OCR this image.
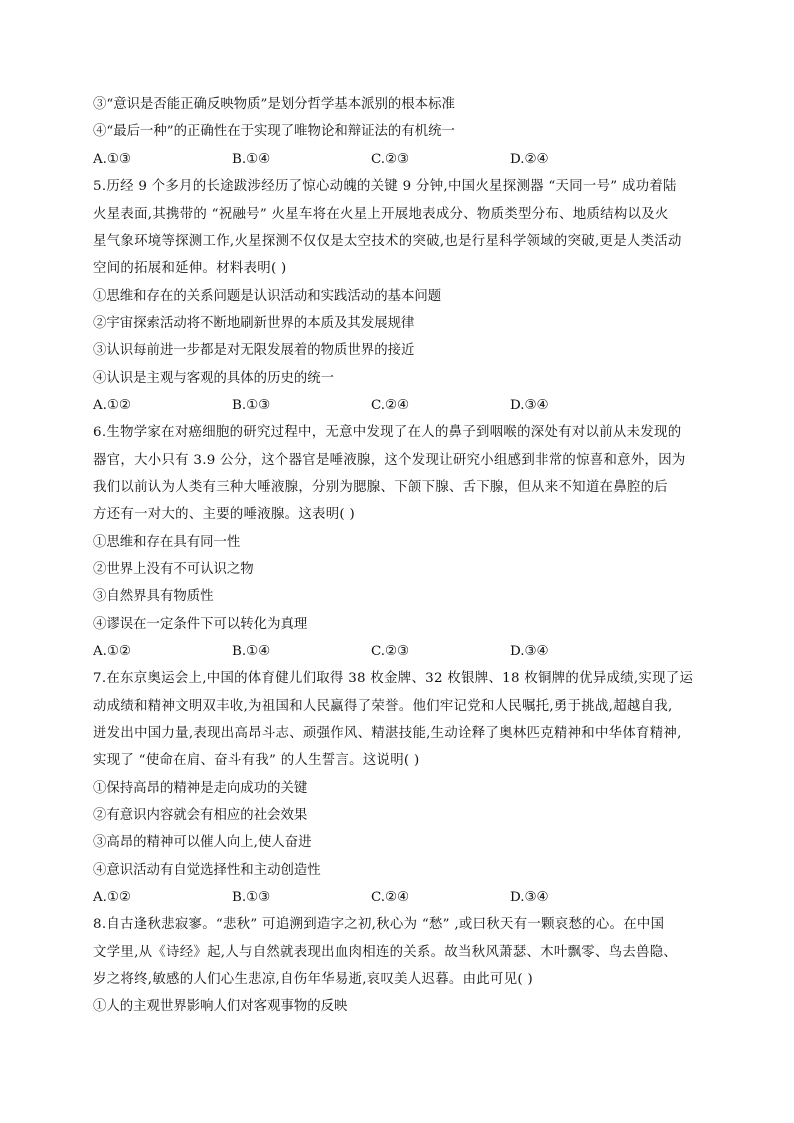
③“意识是否能正确反映物质”是划分哲学基本派别的根本标准
④“最后一种”的正确性在于实现了唯物论和辩证法的有机统一
A.①③	B.①④	C.②③	D.②④
5.历经 9 个多月的长途跋涉经历了惊心动魄的关键 9 分钟,中国火星探测器 “天同一号” 成功着陆
火星表面,其携带的 “祝融号” 火星车将在火星上开展地表成分、物质类型分布、地质结构以及火
星气象环境等探测工作,火星探测不仅仅是太空技术的突破,也是行星科学领域的突破,更是人类活动
空间的拓展和延伸。材料表明( )
①思维和存在的关系问题是认识活动和实践活动的基本问题
②宇宙探索活动将不断地刷新世界的本质及其发展规律
③认识每前进一步都是对无限发展着的物质世界的接近
④认识是主观与客观的具体的历史的统一
A.①②	B.①③	C.②④	D.③④
6.生物学家在对癌细胞的研究过程中，无意中发现了在人的鼻子到咽喉的深处有对以前从未发现的
器官，大小只有 3.9 公分，这个器官是唾液腺，这个发现让研究小组感到非常的惊喜和意外，因为
我们以前认为人类有三种大唾液腺，分别为腮腺、下颌下腺、舌下腺，但从来不知道在鼻腔的后
方还有一对大的、主要的唾液腺。这表明( )
①思维和存在具有同一性
②世界上没有不可认识之物
③自然界具有物质性
④谬误在一定条件下可以转化为真理
A.①②	B.①④	C.②③	D.③④
7.在东京奥运会上,中国的体育健儿们取得 38 枚金牌、32 枚银牌、18 枚铜牌的优异成绩,实现了运
动成绩和精神文明双丰收,为祖国和人民赢得了荣誉。他们牢记党和人民嘱托,勇于挑战,超越自我,
迸发出中国力量,表现出高昂斗志、顽强作风、精湛技能,生动诠释了奥林匹克精神和中华体育精神,
实现了 “使命在肩、奋斗有我” 的人生誓言。这说明( )
①保持高昂的精神是走向成功的关键
②有意识内容就会有相应的社会效果
③高昂的精神可以催人向上,使人奋进
④意识活动有自觉选择性和主动创造性
A.①②	B.①③	C.②④	D.③④
8.自古逢秋悲寂寥。“悲秋” 可追溯到造字之初,秋心为 “愁” ,或曰秋天有一颗哀愁的心。在中国
文学里,从《诗经》起,人与自然就表现出血肉相连的关系。故当秋风萧瑟、木叶飘零、鸟去兽隐、
岁之将终,敏感的人们心生悲凉,自伤年华易逝,哀叹美人迟暮。由此可见( )
①人的主观世界影响人们对客观事物的反映
